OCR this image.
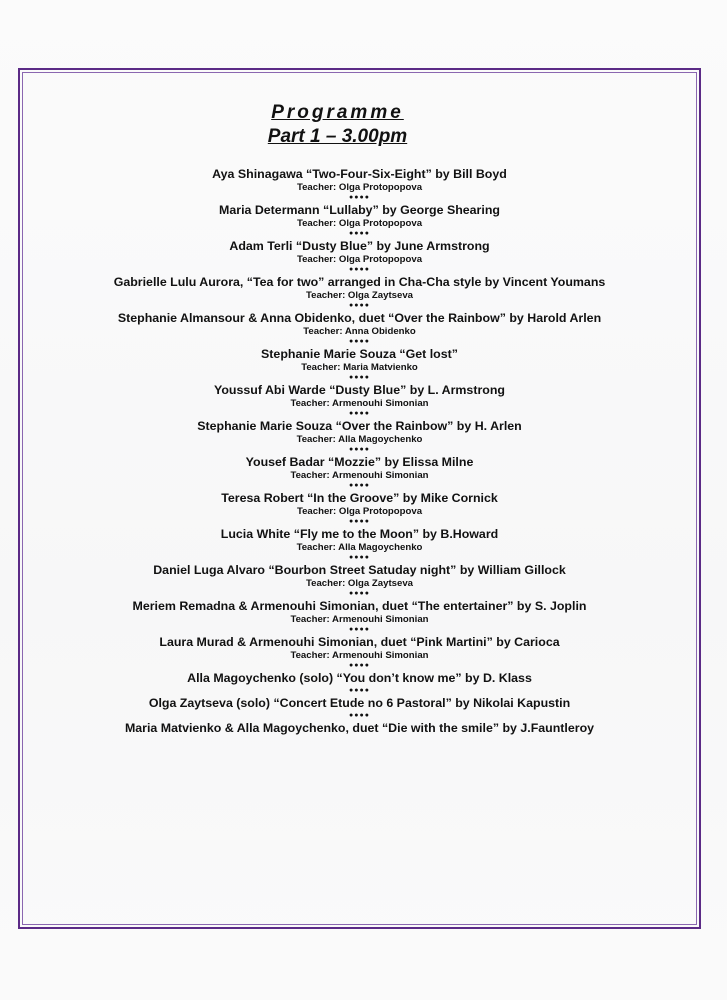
Programme
Part 1 – 3.00pm
Aya Shinagawa “Two-Four-Six-Eight” by Bill Boyd
Teacher: Olga Protopopova
●●●●
Maria Determann “Lullaby” by George Shearing
Teacher: Olga Protopopova
●●●●
Adam Terli “Dusty Blue” by June Armstrong
Teacher: Olga Protopopova
●●●●
Gabrielle Lulu Aurora, “Tea for two” arranged in Cha-Cha style by Vincent Youmans
Teacher: Olga Zaytseva
●●●●
Stephanie Almansour & Anna Obidenko, duet “Over the Rainbow” by Harold Arlen
Teacher: Anna Obidenko
●●●●
Stephanie Marie Souza “Get lost”
Teacher: Maria Matvienko
●●●●
Youssuf Abi Warde “Dusty Blue” by L. Armstrong
Teacher: Armenouhi Simonian
●●●●
Stephanie Marie Souza “Over the Rainbow” by H. Arlen
Teacher: Alla Magoychenko
●●●●
Yousef Badar “Mozzie” by Elissa Milne
Teacher: Armenouhi Simonian
●●●●
Teresa Robert “In the Groove” by Mike Cornick
Teacher: Olga Protopopova
●●●●
Lucia White “Fly me to the Moon” by B.Howard
Teacher: Alla Magoychenko
●●●●
Daniel Luga Alvaro “Bourbon Street Satuday night” by William Gillock
Teacher: Olga Zaytseva
●●●●
Meriem Remadna & Armenouhi Simonian, duet “The entertainer” by S. Joplin
Teacher: Armenouhi Simonian
●●●●
Laura Murad & Armenouhi Simonian, duet “Pink Martini” by Carioca
Teacher: Armenouhi Simonian
●●●●
Alla Magoychenko (solo) “You don’t know me” by D. Klass
●●●●
Olga Zaytseva (solo) “Concert Etude no 6 Pastoral” by Nikolai Kapustin
●●●●
Maria Matvienko & Alla Magoychenko, duet “Die with the smile” by J.Fauntleroy
